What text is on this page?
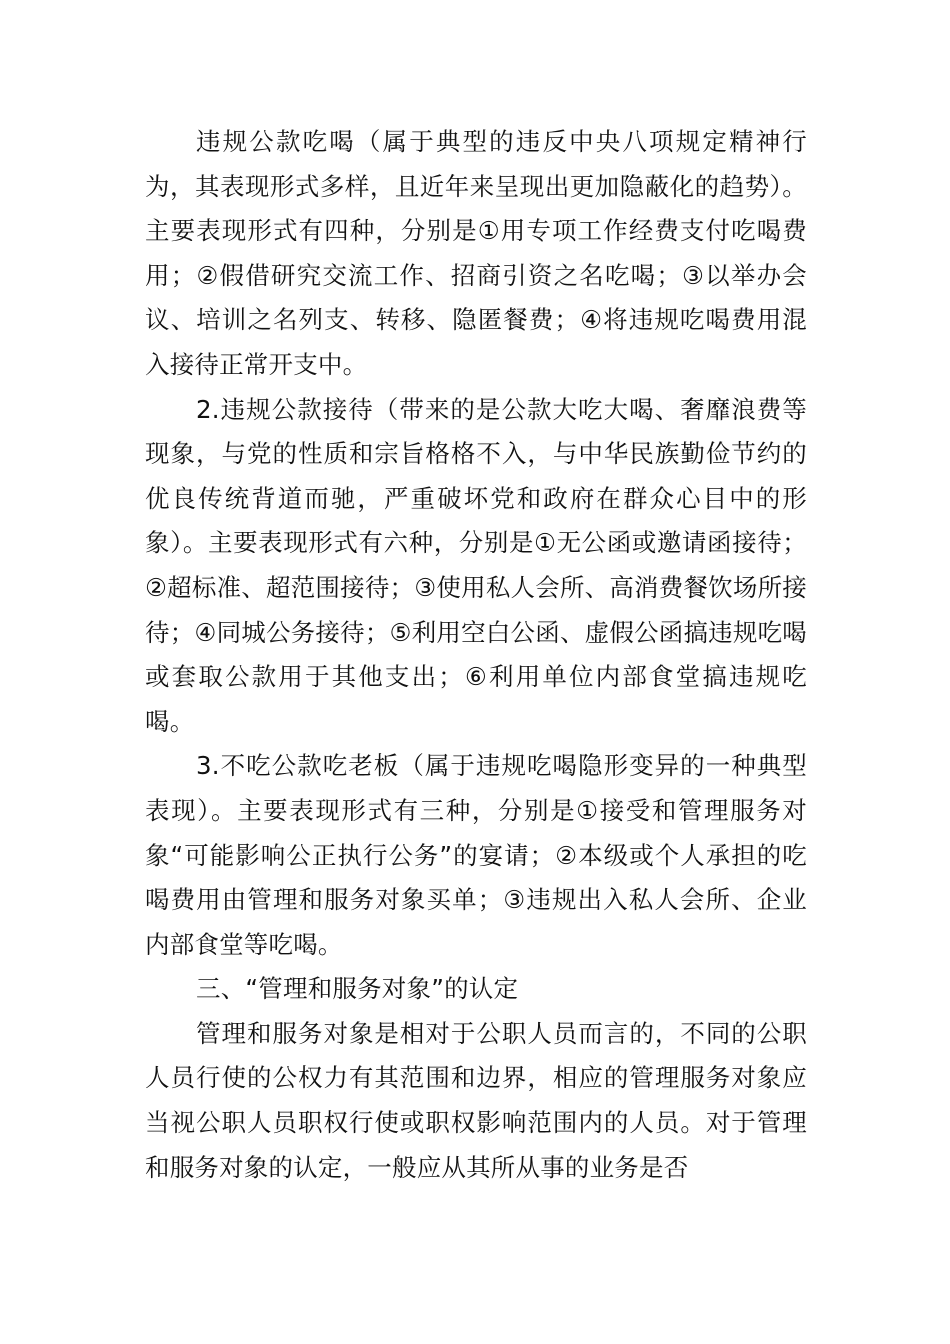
违规公款吃喝（属于典型的违反中央八项规定精神行为，其表现形式多样，且近年来呈现出更加隐蔽化的趋势）。主要表现形式有四种，分别是①用专项工作经费支付吃喝费用；②假借研究交流工作、招商引资之名吃喝；③以举办会议、培训之名列支、转移、隐匿餐费；④将违规吃喝费用混入接待正常开支中。

2.违规公款接待（带来的是公款大吃大喝、奢靡浪费等现象，与党的性质和宗旨格格不入，与中华民族勤俭节约的优良传统背道而驰，严重破坏党和政府在群众心目中的形象）。主要表现形式有六种，分别是①无公函或邀请函接待；②超标准、超范围接待；③使用私人会所、高消费餐饮场所接待；④同城公务接待；⑤利用空白公函、虚假公函搞违规吃喝或套取公款用于其他支出；⑥利用单位内部食堂搞违规吃喝。

3.不吃公款吃老板（属于违规吃喝隐形变异的一种典型表现）。主要表现形式有三种，分别是①接受和管理服务对象“可能影响公正执行公务”的宴请；②本级或个人承担的吃喝费用由管理和服务对象买单；③违规出入私人会所、企业内部食堂等吃喝。

三、“管理和服务对象”的认定

管理和服务对象是相对于公职人员而言的，不同的公职人员行使的公权力有其范围和边界，相应的管理服务对象应当视公职人员职权行使或职权影响范围内的人员。对于管理和服务对象的认定，一般应从其所从事的业务是否
